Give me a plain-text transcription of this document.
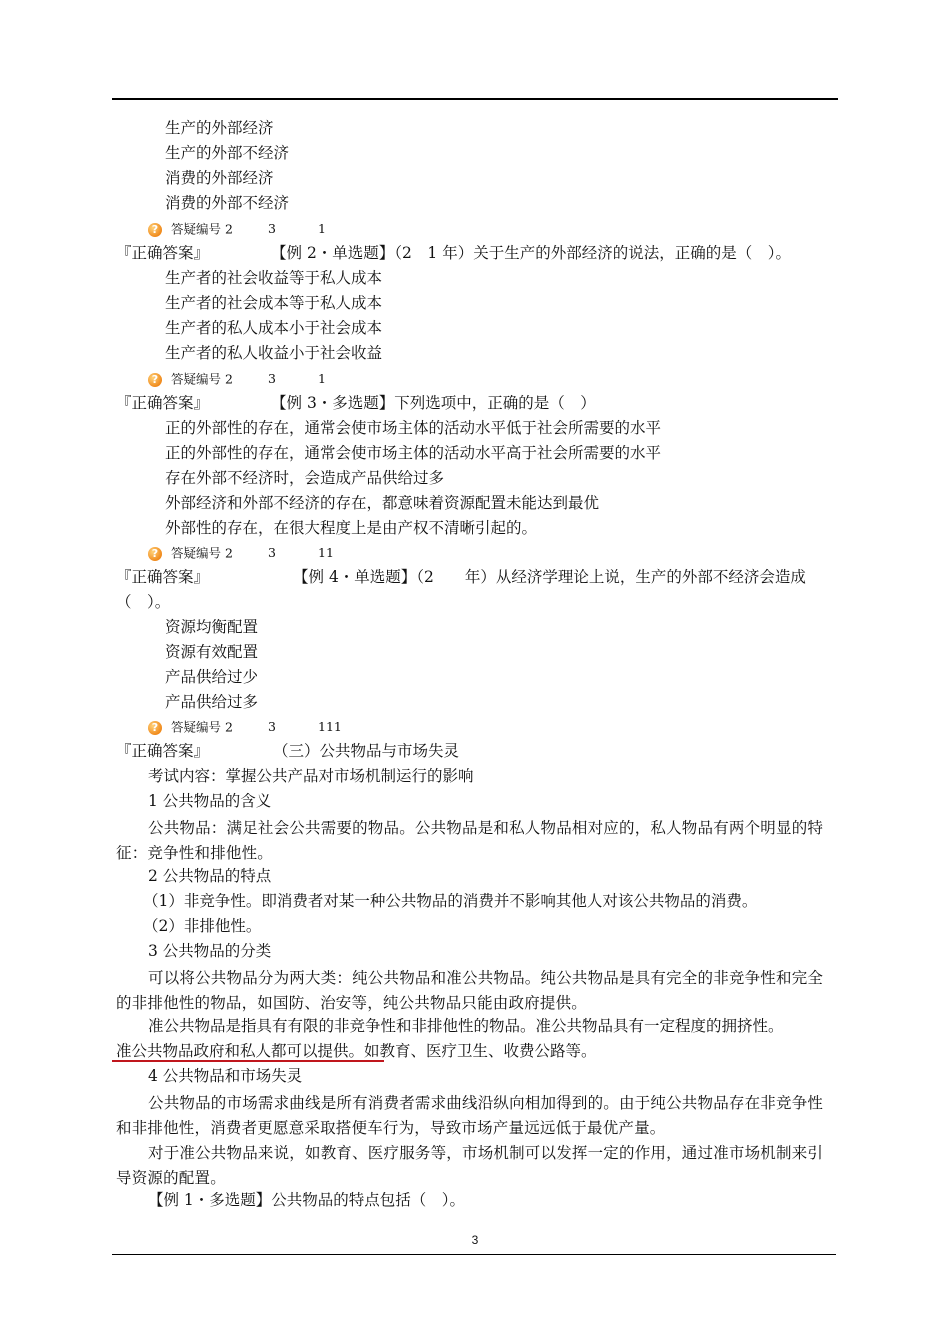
生产的外部经济
生产的外部不经济
消费的外部经济
消费的外部不经济
? 答疑编号 2	3	1
『正确答案』	【例 2・单选题】（2　1 年）关于生产的外部经济的说法，正确的是（　）。
生产者的社会收益等于私人成本
生产者的社会成本等于私人成本
生产者的私人成本小于社会成本
生产者的私人收益小于社会收益
? 答疑编号 2	3	1
『正确答案』	【例 3・多选题】下列选项中，正确的是（　）
正的外部性的存在，通常会使市场主体的活动水平低于社会所需要的水平
正的外部性的存在，通常会使市场主体的活动水平高于社会所需要的水平
存在外部不经济时，会造成产品供给过多
外部经济和外部不经济的存在，都意味着资源配置未能达到最优
外部性的存在，在很大程度上是由产权不清晰引起的。
? 答疑编号 2	3	11
『正确答案』	【例 4・单选题】（2　　年）从经济学理论上说，生产的外部不经济会造成
（　）。
资源均衡配置
资源有效配置
产品供给过少
产品供给过多
? 答疑编号 2	3	111
『正确答案』	（三）公共物品与市场失灵
考试内容：掌握公共产品对市场机制运行的影响
1 公共物品的含义
公共物品：满足社会公共需要的物品。公共物品是和私人物品相对应的，私人物品有两个明显的特征：竞争性和排他性。
2 公共物品的特点
（1）非竞争性。即消费者对某一种公共物品的消费并不影响其他人对该公共物品的消费。
（2）非排他性。
3 公共物品的分类
可以将公共物品分为两大类：纯公共物品和准公共物品。纯公共物品是具有完全的非竞争性和完全的非排他性的物品，如国防、治安等，纯公共物品只能由政府提供。
准公共物品是指具有有限的非竞争性和非排他性的物品。准公共物品具有一定程度的拥挤性。
准公共物品政府和私人都可以提供。如教育、医疗卫生、收费公路等。
4 公共物品和市场失灵
公共物品的市场需求曲线是所有消费者需求曲线沿纵向相加得到的。由于纯公共物品存在非竞争性和非排他性，消费者更愿意采取搭便车行为，导致市场产量远远低于最优产量。
对于准公共物品来说，如教育、医疗服务等，市场机制可以发挥一定的作用，通过准市场机制来引导资源的配置。
【例 1・多选题】公共物品的特点包括（　）。
3
